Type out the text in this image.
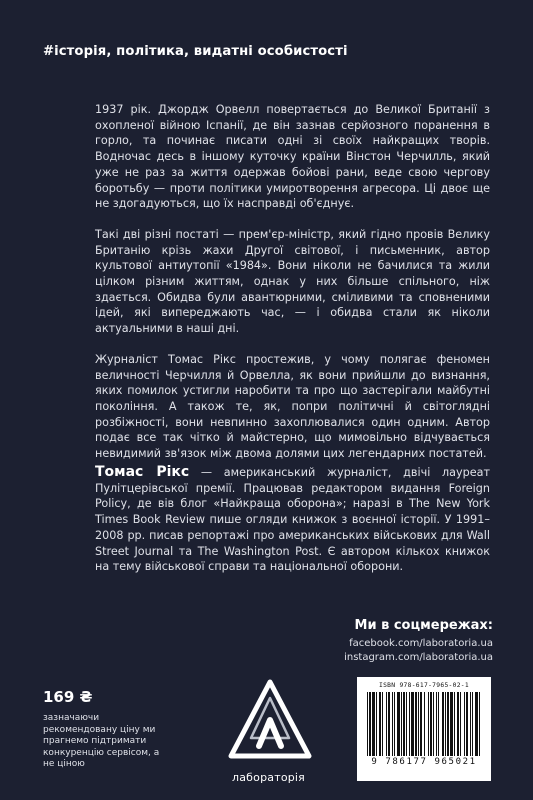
#історія, політика, видатні особистості

1937 рік. Джордж Орвелл повертається до Великої Британії з охопленої війною Іспанії, де він зазнав серйозного поранення в горло, та починає писати одні зі своїх найкращих творів. Водночас десь в іншому куточку країни Вінстон Черчилль, який уже не раз за життя одержав бойові рани, веде свою чергову боротьбу — проти політики умиротворення агресора. Ці двоє ще не здогадуються, що їх насправді об'єднує.

Такі дві різні постаті — прем'єр-міністр, який гідно провів Велику Британію крізь жахи Другої світової, і письменник, автор культової антиутопії «1984». Вони ніколи не бачилися та жили цілком різним життям, однак у них більше спільного, ніж здається. Обидва були авантюрними, сміливими та сповненими ідей, які випереджають час, — і обидва стали як ніколи актуальними в наші дні.

Журналіст Томас Рікс простежив, у чому полягає феномен величності Черчилля й Орвелла, як вони прийшли до визнання, яких помилок устигли наробити та про що застерігали майбутні покоління. А також те, як, попри політичні й світоглядні розбіжності, вони невпинно захоплювалися один одним. Автор подає все так чітко й майстерно, що мимовільно відчувається невидимий зв'язок між двома долями цих легендарних постатей.

Томас Рікс — американський журналіст, двічі лауреат Пулітцерівської премії. Працював редактором видання Foreign Policy, де вів блог «Найкраща оборона»; наразі в The New York Times Book Review пише огляди книжок з воєнної історії. У 1991–2008 рр. писав репортажі про американських військових для Wall Street Journal та The Washington Post. Є автором кількох книжок на тему військової справи та національної оборони.
Ми в соцмережах:
facebook.com/laboratoria.ua
instagram.com/laboratoria.ua
169 ₴
зазначаючи рекомендовану ціну ми прагнемо підтримати конкуренцію сервісом, а не ціною
лабораторія
ISBN 978-617-7965-02-1
9 786177 965021
